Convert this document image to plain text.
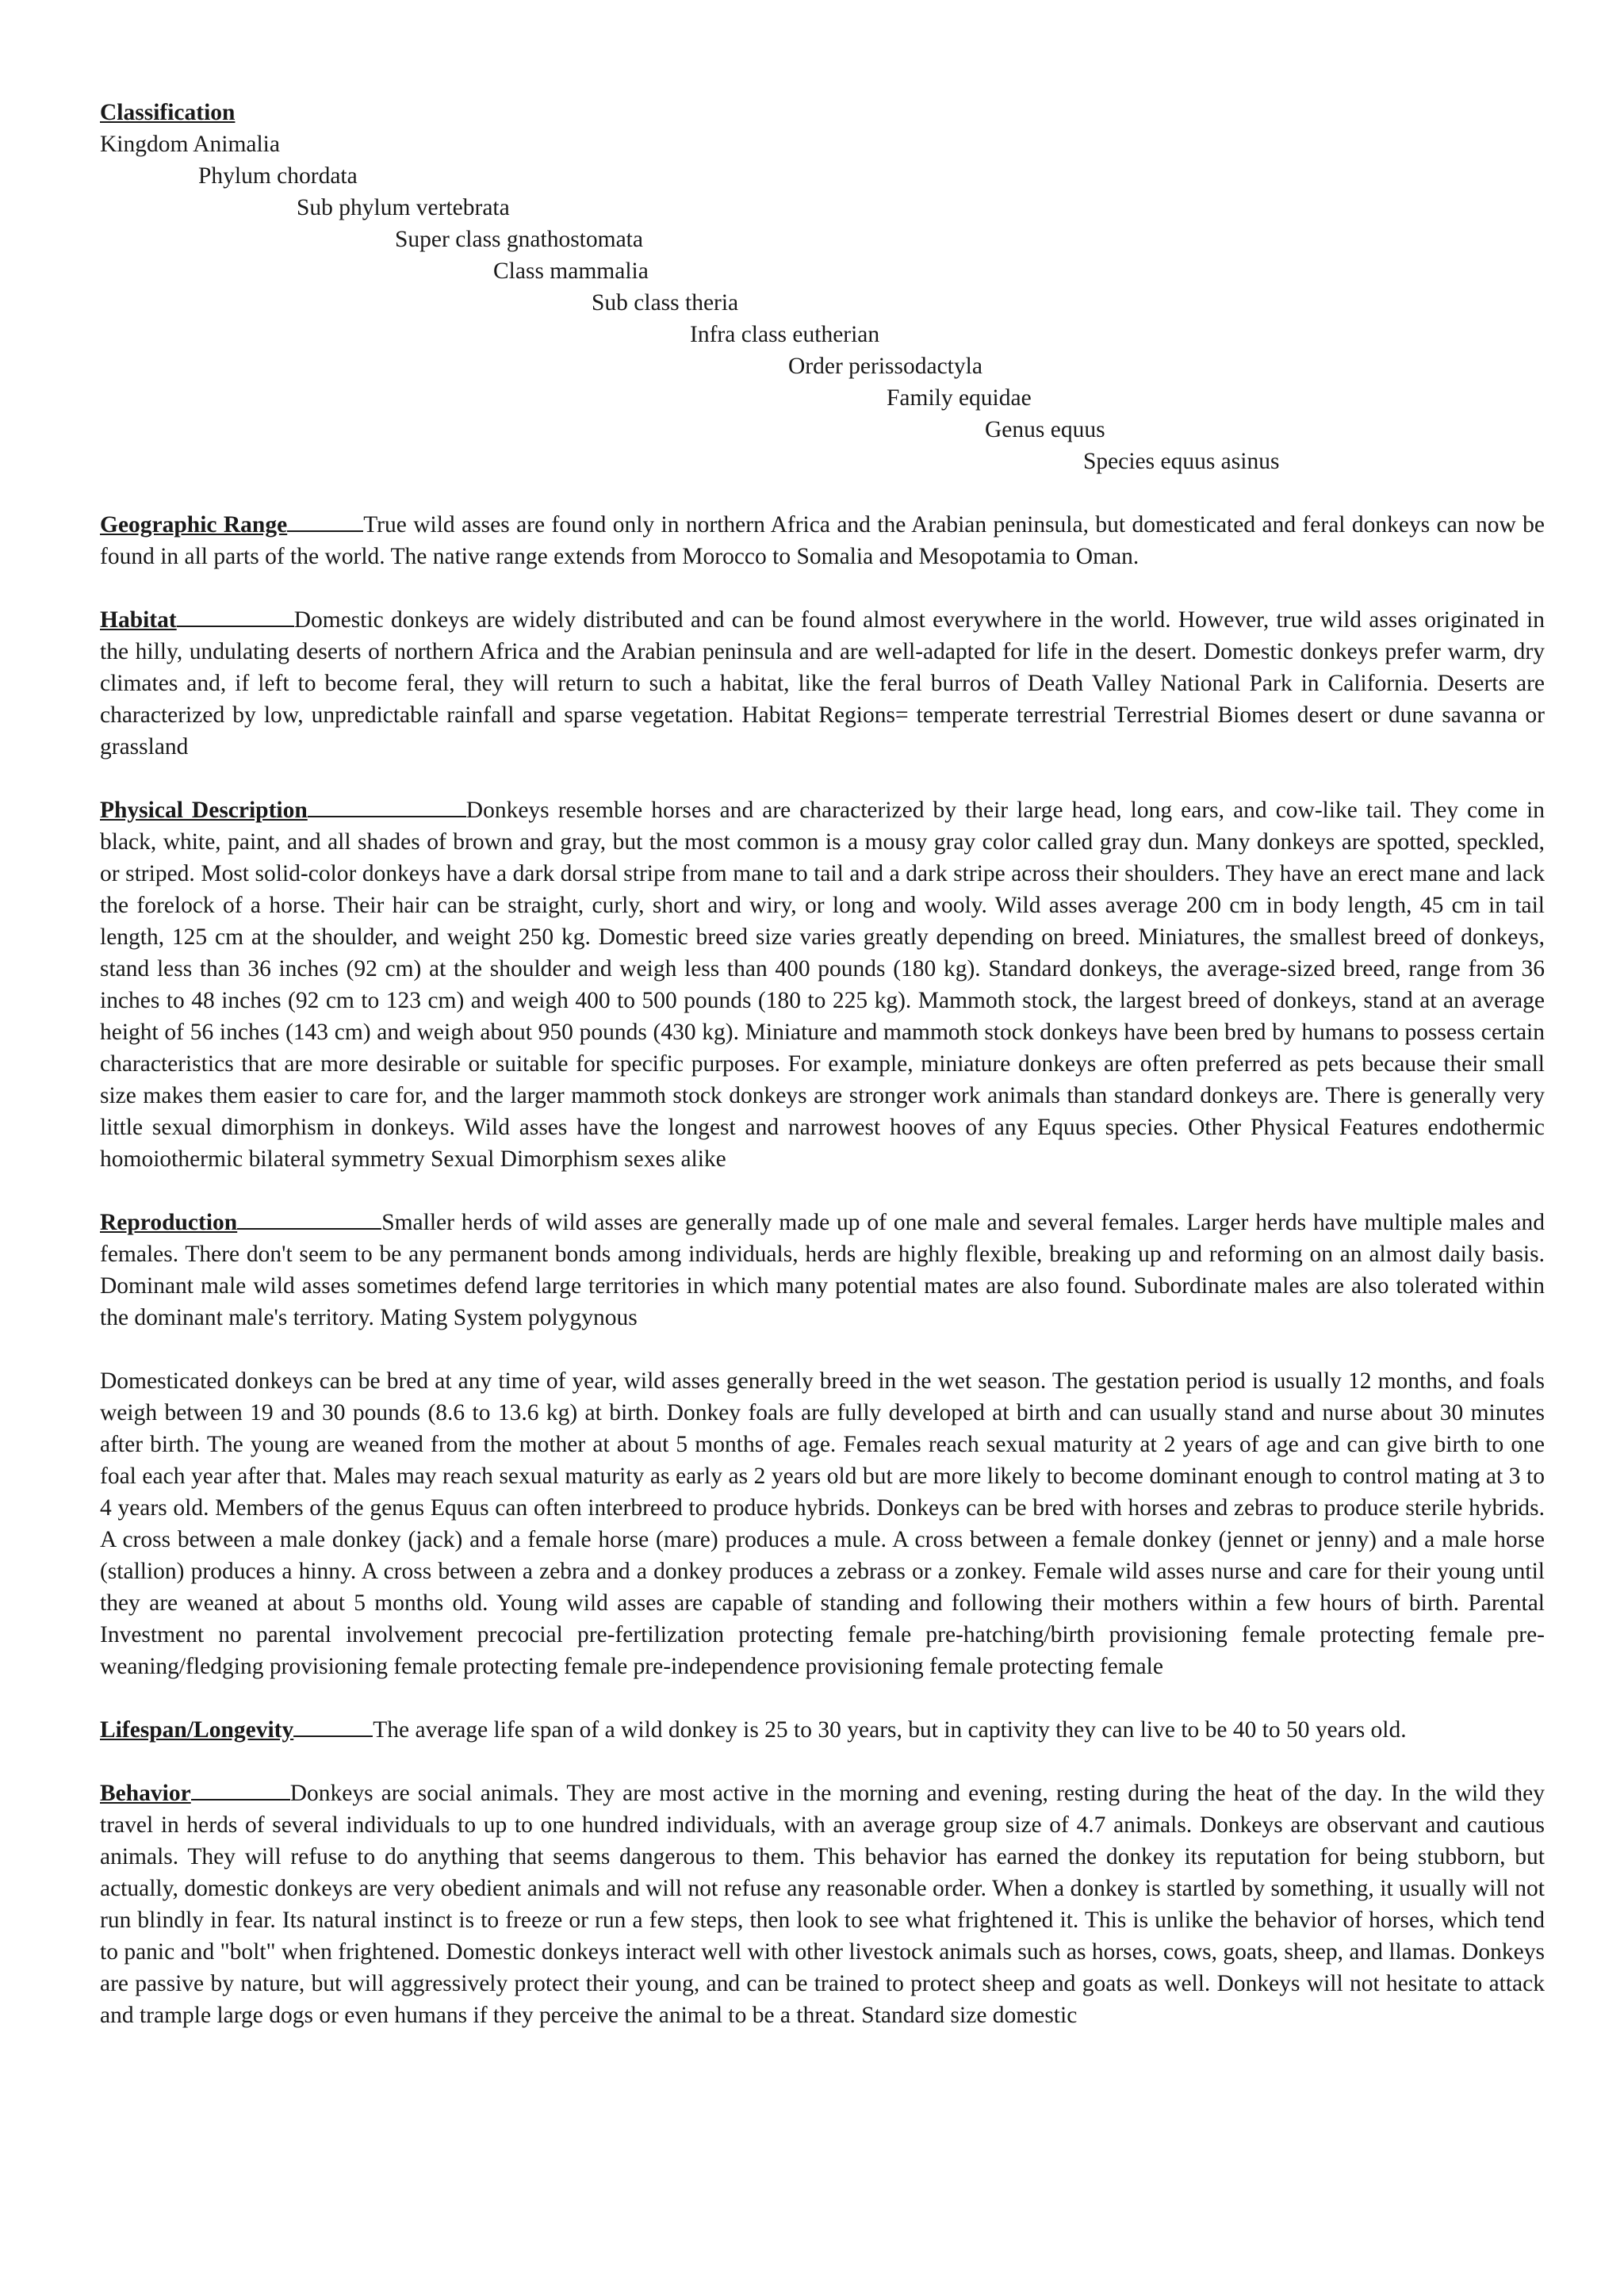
Classification
Kingdom Animalia
Phylum chordata
Sub phylum vertebrata
Super class gnathostomata
Class mammalia
Sub class theria
Infra class eutherian
Order perissodactyla
Family equidae
Genus equus
Species equus asinus

Geographic Range	True wild asses are found only in northern Africa and the Arabian peninsula, but domesticated and feral donkeys can now be found in all parts of the world. The native range extends from Morocco to Somalia and Mesopotamia to Oman.

Habitat	Domestic donkeys are widely distributed and can be found almost everywhere in the world. However, true wild asses originated in the hilly, undulating deserts of northern Africa and the Arabian peninsula and are well-adapted for life in the desert. Domestic donkeys prefer warm, dry climates and, if left to become feral, they will return to such a habitat, like the feral burros of Death Valley National Park in California. Deserts are characterized by low, unpredictable rainfall and sparse vegetation. Habitat Regions= temperate terrestrial Terrestrial Biomes desert or dune savanna or grassland

Physical Description	Donkeys resemble horses and are characterized by their large head, long ears, and cow-like tail. They come in black, white, paint, and all shades of brown and gray, but the most common is a mousy gray color called gray dun. Many donkeys are spotted, speckled, or striped. Most solid-color donkeys have a dark dorsal stripe from mane to tail and a dark stripe across their shoulders. They have an erect mane and lack the forelock of a horse. Their hair can be straight, curly, short and wiry, or long and wooly. Wild asses average 200 cm in body length, 45 cm in tail length, 125 cm at the shoulder, and weight 250 kg. Domestic breed size varies greatly depending on breed. Miniatures, the smallest breed of donkeys, stand less than 36 inches (92 cm) at the shoulder and weigh less than 400 pounds (180 kg). Standard donkeys, the average-sized breed, range from 36 inches to 48 inches (92 cm to 123 cm) and weigh 400 to 500 pounds (180 to 225 kg). Mammoth stock, the largest breed of donkeys, stand at an average height of 56 inches (143 cm) and weigh about 950 pounds (430 kg). Miniature and mammoth stock donkeys have been bred by humans to possess certain characteristics that are more desirable or suitable for specific purposes. For example, miniature donkeys are often preferred as pets because their small size makes them easier to care for, and the larger mammoth stock donkeys are stronger work animals than standard donkeys are. There is generally very little sexual dimorphism in donkeys. Wild asses have the longest and narrowest hooves of any Equus species. Other Physical Features endothermic homoiothermic bilateral symmetry Sexual Dimorphism sexes alike

Reproduction	Smaller herds of wild asses are generally made up of one male and several females. Larger herds have multiple males and females. There don't seem to be any permanent bonds among individuals, herds are highly flexible, breaking up and reforming on an almost daily basis. Dominant male wild asses sometimes defend large territories in which many potential mates are also found. Subordinate males are also tolerated within the dominant male's territory. Mating System polygynous

Domesticated donkeys can be bred at any time of year, wild asses generally breed in the wet season. The gestation period is usually 12 months, and foals weigh between 19 and 30 pounds (8.6 to 13.6 kg) at birth. Donkey foals are fully developed at birth and can usually stand and nurse about 30 minutes after birth. The young are weaned from the mother at about 5 months of age. Females reach sexual maturity at 2 years of age and can give birth to one foal each year after that. Males may reach sexual maturity as early as 2 years old but are more likely to become dominant enough to control mating at 3 to 4 years old. Members of the genus Equus can often interbreed to produce hybrids. Donkeys can be bred with horses and zebras to produce sterile hybrids. A cross between a male donkey (jack) and a female horse (mare) produces a mule. A cross between a female donkey (jennet or jenny) and a male horse (stallion) produces a hinny. A cross between a zebra and a donkey produces a zebrass or a zonkey. Female wild asses nurse and care for their young until they are weaned at about 5 months old. Young wild asses are capable of standing and following their mothers within a few hours of birth. Parental Investment no parental involvement precocial pre-fertilization protecting female pre-hatching/birth provisioning female protecting female pre-weaning/fledging provisioning female protecting female pre-independence provisioning female protecting female

Lifespan/Longevity	The average life span of a wild donkey is 25 to 30 years, but in captivity they can live to be 40 to 50 years old.

Behavior	Donkeys are social animals. They are most active in the morning and evening, resting during the heat of the day. In the wild they travel in herds of several individuals to up to one hundred individuals, with an average group size of 4.7 animals. Donkeys are observant and cautious animals. They will refuse to do anything that seems dangerous to them. This behavior has earned the donkey its reputation for being stubborn, but actually, domestic donkeys are very obedient animals and will not refuse any reasonable order. When a donkey is startled by something, it usually will not run blindly in fear. Its natural instinct is to freeze or run a few steps, then look to see what frightened it. This is unlike the behavior of horses, which tend to panic and "bolt" when frightened. Domestic donkeys interact well with other livestock animals such as horses, cows, goats, sheep, and llamas. Donkeys are passive by nature, but will aggressively protect their young, and can be trained to protect sheep and goats as well. Donkeys will not hesitate to attack and trample large dogs or even humans if they perceive the animal to be a threat. Standard size domestic
